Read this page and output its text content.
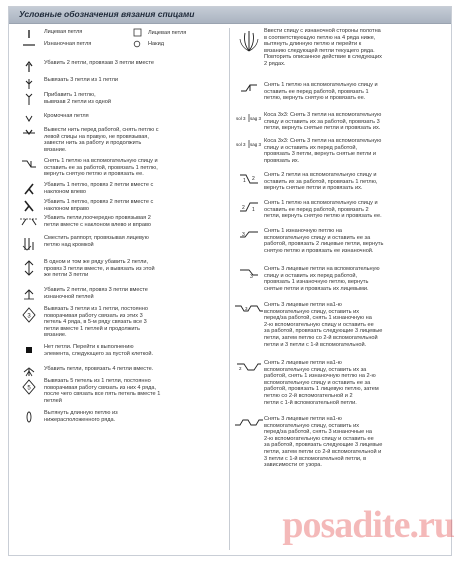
Условные обозначения вязания спицами
Лицевая петля	Лицевая петля
Изнаночная петля	Накид
Убавить 2 петли, провязав 3 петли вместе
Вывязать 3 петли из 1 петли
Прибавить 1 петлю,
вывязав 2 петли из одной
Кромочная петля
Вывести нить перед работой, снять петлю с
левой спицы на правую, не провязывая,
завести нить за работу и продолжить
вязание.
Снять 1 петлю на вспомогательную спицу и
оставить ее за работой, провязать 1 петлю,
вернуть снятую петлю и провязать ее.
Убавить 1 петлю, провяз 2 петли вместе с
наклоном влево
Убавить 1 петлю, провяз 2 петли вместе с
наклоном вправо
Убавить петли,поочередно провязывая 2
петли вместе с наклоном влево и вправо
Сместить раппорт, провязывая лицевую
петлю над кромкой
В одном и том же ряду убавить 2 петли,
провяз 3 петли вместе, и вывязать из этой
же петли 3 петли
Убавить 2 петли, провяз 3 петли вместе
изнаночной петлей
3
Вывязать 3 петли из 1 петли, постоянно
поворачивая работу связать из этих 3
петель 4 ряда, в 5-м ряду связать все 3
петли вместе 1 петлей и продолжить
вязание.
Нет петли. Перейти к выполнению
элемента, следующего за пустой клеткой.
Убавить петли, провязать 4 петли вместе.
5
Вывязать 5 петель из 1 петли, постоянно
поворачивая работу связать из них 4 ряда,
после чего связать все пять петель вместе 1
петлей
Вытянуть длинную петлю из
нижерасположенного ряда.
Ввести спицу с изнаночной стороны полотна
в соответствующую петлю на 4 ряда ниже,
вытянуть длинную петлю и перейти к
вязанию следующей петли текущего ряда.
Повторить описанное действие в следующих
2 рядах.
Снять 1 петлю на вспомогательную спицу и
оставить ее перед работой, провязать 1
петлю, вернуть снятую и провязать ее.
sol 3 sag 3
Коса 3х3: Снять 3 петли на вспомогательную
спицу и оставить их за работой, провязать 3
петли, вернуть снятые петли и провязать их.
sol 3 sag 3
Коса 3х3: Снять 3 петли на вспомогательную
спицу и оставить их перед работой,
провязать 3 петли, вернуть снятые петли и
провязать их.
1 2
Снять 2 петли на вспомогательную спицу и
оставить их за работой, провязать 1 петлю,
вернуть снятые петли и провязать их.
2 1
Снять 1 петлю на вспомогательную спицу и
оставить ее перед работой, провязать 2
петли, вернуть снятую петлю и провязать ее.
3
Снять 1 изнаночную петлю на
вспомогательную спицу и оставить ее за
работой, провязать 2 лицевые петли, вернуть
снятую петлю и провязать ее изнаночной.
3
Снять 3 лицевые петли на вспомогательную
спицу и оставить их перед работой,
провязать 1 изнаночную петлю, вернуть
снятые петли и провязать их лицевыми.
3
Снять 3 лицевые петли на1-ю
вспомогательную спицу, оставить их
перед/за работой, снять 1 изнаночную на
2-ю вспомогательную спицу и оставить ее
за работой, провязать следующие 3 лицевые
петли, затем петлю со 2-й вспомогательной
петли и 3 петли с 1-й вспомогательной.
2
Снять 2 лицевые петли на1-ю
вспомогательную спицу, оставить их за
работой, снять 1 изнаночную петлю на 2-ю
вспомогательную спицу и оставить ее за
работой, провязать 1 лицевую петлю, затем
петлю со 2-й вспомогательной и 2
петли с 1-й вспомогательной петли.
Снять 3 лицевые петли на1-ю
вспомогательную спицу, оставить их
перед/за работой, снять 3 изнаночные на
2-ю вспомогательную спицу и оставить ее
за работой, провязать следующие 3 лицевые
петли, затем петли со 2-й вспомогательной и
3 петли с 1-й вспомогательной петли, в
зависимости от узора.
posadite.ru
